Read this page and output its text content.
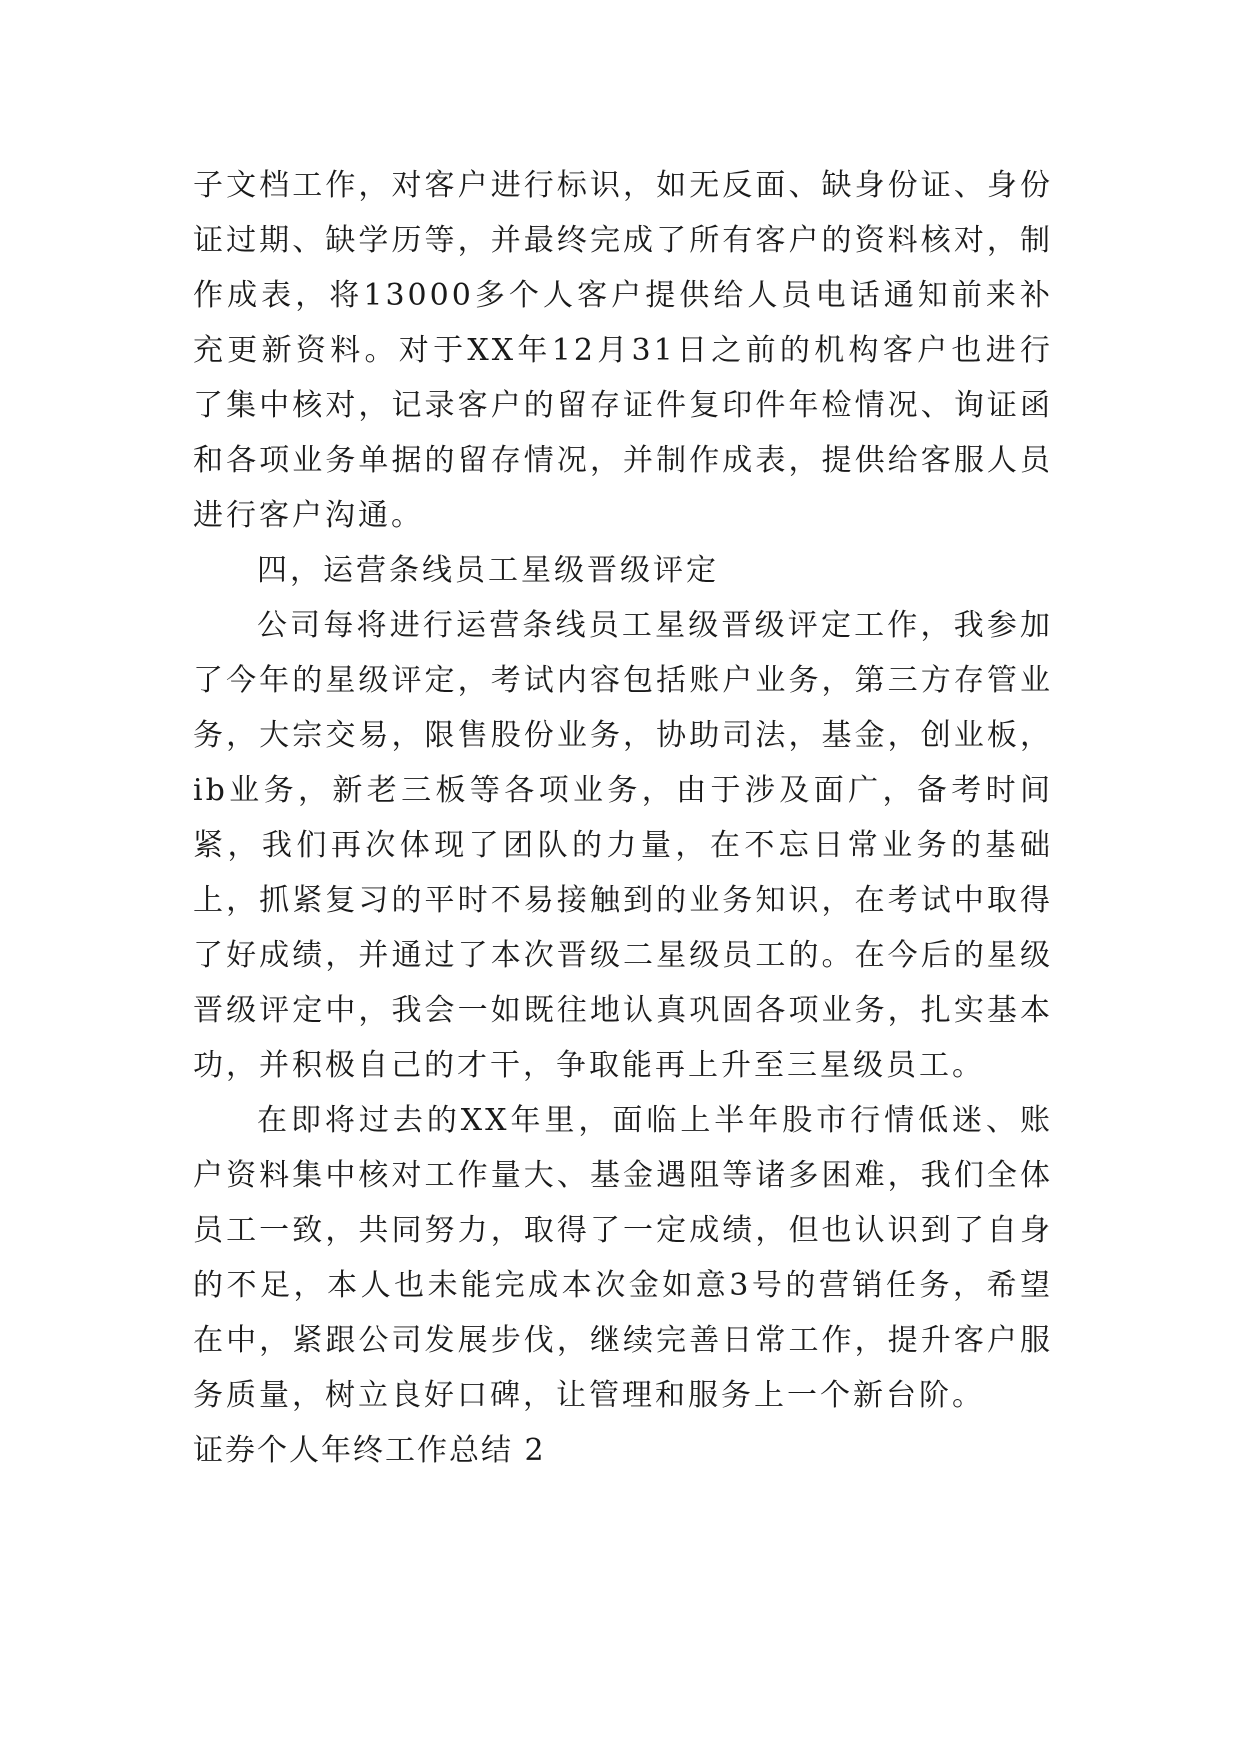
子文档工作，对客户进行标识，如无反面、缺身份证、身份证过期、缺学历等，并最终完成了所有客户的资料核对，制作成表，将13000多个人客户提供给人员电话通知前来补充更新资料。对于XX年12月31日之前的机构客户也进行了集中核对，记录客户的留存证件复印件年检情况、询证函和各项业务单据的留存情况，并制作成表，提供给客服人员进行客户沟通。

四，运营条线员工星级晋级评定

公司每将进行运营条线员工星级晋级评定工作，我参加了今年的星级评定，考试内容包括账户业务，第三方存管业务，大宗交易，限售股份业务，协助司法，基金，创业板，ib业务，新老三板等各项业务，由于涉及面广，备考时间紧，我们再次体现了团队的力量，在不忘日常业务的基础上，抓紧复习的平时不易接触到的业务知识，在考试中取得了好成绩，并通过了本次晋级二星级员工的。在今后的星级晋级评定中，我会一如既往地认真巩固各项业务，扎实基本功，并积极自己的才干，争取能再上升至三星级员工。

在即将过去的XX年里，面临上半年股市行情低迷、账户资料集中核对工作量大、基金遇阻等诸多困难，我们全体员工一致，共同努力，取得了一定成绩，但也认识到了自身的不足，本人也未能完成本次金如意3号的营销任务，希望在中，紧跟公司发展步伐，继续完善日常工作，提升客户服务质量，树立良好口碑，让管理和服务上一个新台阶。

证券个人年终工作总结 2
